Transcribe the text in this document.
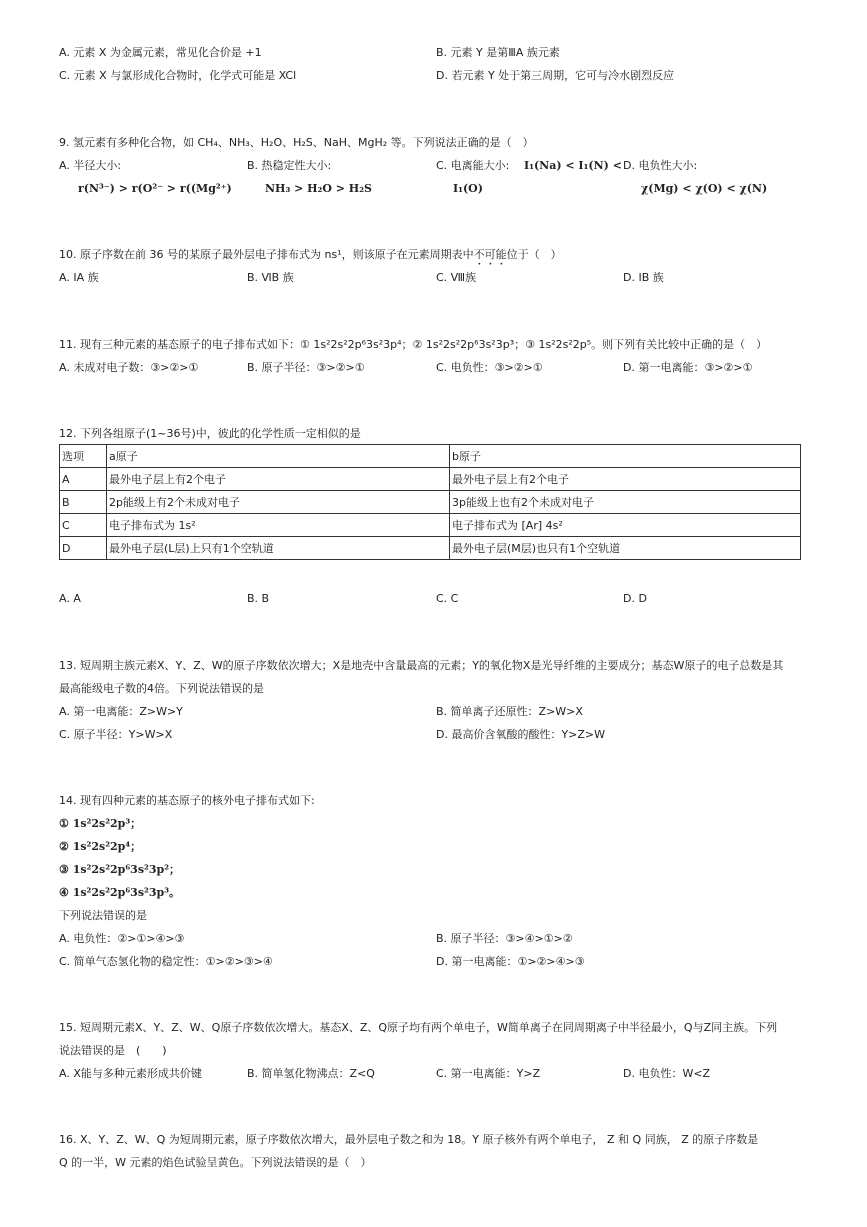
A. 元素 X 为金属元素，常见化合价是 +1	B. 元素 Y 是第ⅢA 族元素
C. 元素 X 与氯形成化合物时，化学式可能是 XCl	D. 若元素 Y 处于第三周期，它可与冷水剧烈反应
9. 氢元素有多种化合物，如 CH₄、NH₃、H₂O、H₂S、NaH、MgH₂ 等。下列说法正确的是（　）
A. 半径大小:
r(N³⁻) > r(O²⁻ > r((Mg²⁺)
B. 热稳定性大小:
NH₃ > H₂O > H₂S
C. 电离能大小: I₁(Na) < I₁(N) <
I₁(O)
D. 电负性大小:
χ(Mg) < χ(O) < χ(N)
10. 原子序数在前 36 号的某原子最外层电子排布式为 ns¹，则该原子在元素周期表中不可能位于（　）
A. ⅠA 族	B. ⅥB 族	C. Ⅷ族	D. ⅠB 族
11. 现有三种元素的基态原子的电子排布式如下：① 1s²2s²2p⁶3s²3p⁴；② 1s²2s²2p⁶3s²3p³；③ 1s²2s²2p⁵。则下列有关比较中正确的是（　）
A. 未成对电子数：③>②>①	B. 原子半径：③>②>①	C. 电负性：③>②>①	D. 第一电离能：③>②>①
12. 下列各组原子(1~36号)中，彼此的化学性质一定相似的是
选项	a原子	b原子
A	最外电子层上有2个电子	最外电子层上有2个电子
B	2p能级上有2个未成对电子	3p能级上也有2个未成对电子
C	电子排布式为 1s²	电子排布式为 [Ar] 4s²
D	最外电子层(L层)上只有1个空轨道	最外电子层(M层)也只有1个空轨道
A. A	B. B	C. C	D. D
13. 短周期主族元素X、Y、Z、W的原子序数依次增大；X是地壳中含量最高的元素；Y的氧化物X是光导纤维的主要成分；基态W原子的电子总数是其
最高能级电子数的4倍。下列说法错误的是
A. 第一电离能：Z>W>Y	B. 简单离子还原性：Z>W>X
C. 原子半径：Y>W>X	D. 最高价含氧酸的酸性：Y>Z>W
14. 现有四种元素的基态原子的核外电子排布式如下:
① 1s²2s²2p³；
② 1s²2s²2p⁴；
③ 1s²2s²2p⁶3s²3p²；
④ 1s²2s²2p⁶3s²3p³。
下列说法错误的是
A. 电负性：②>①>④>③	B. 原子半径：③>④>①>②
C. 简单气态氢化物的稳定性：①>②>③>④	D. 第一电离能：①>②>④>③
15. 短周期元素X、Y、Z、W、Q原子序数依次增大。基态X、Z、Q原子均有两个单电子，W简单离子在同周期离子中半径最小，Q与Z同主族。下列
说法错误的是　(　　)
A. X能与多种元素形成共价键	B. 简单氢化物沸点：Z<Q	C. 第一电离能：Y>Z	D. 电负性：W<Z
16. X、Y、Z、W、Q 为短周期元素，原子序数依次增大，最外层电子数之和为 18。Y 原子核外有两个单电子， Z 和 Q 同族， Z 的原子序数是
Q 的一半，W 元素的焰色试验呈黄色。下列说法错误的是（　）
